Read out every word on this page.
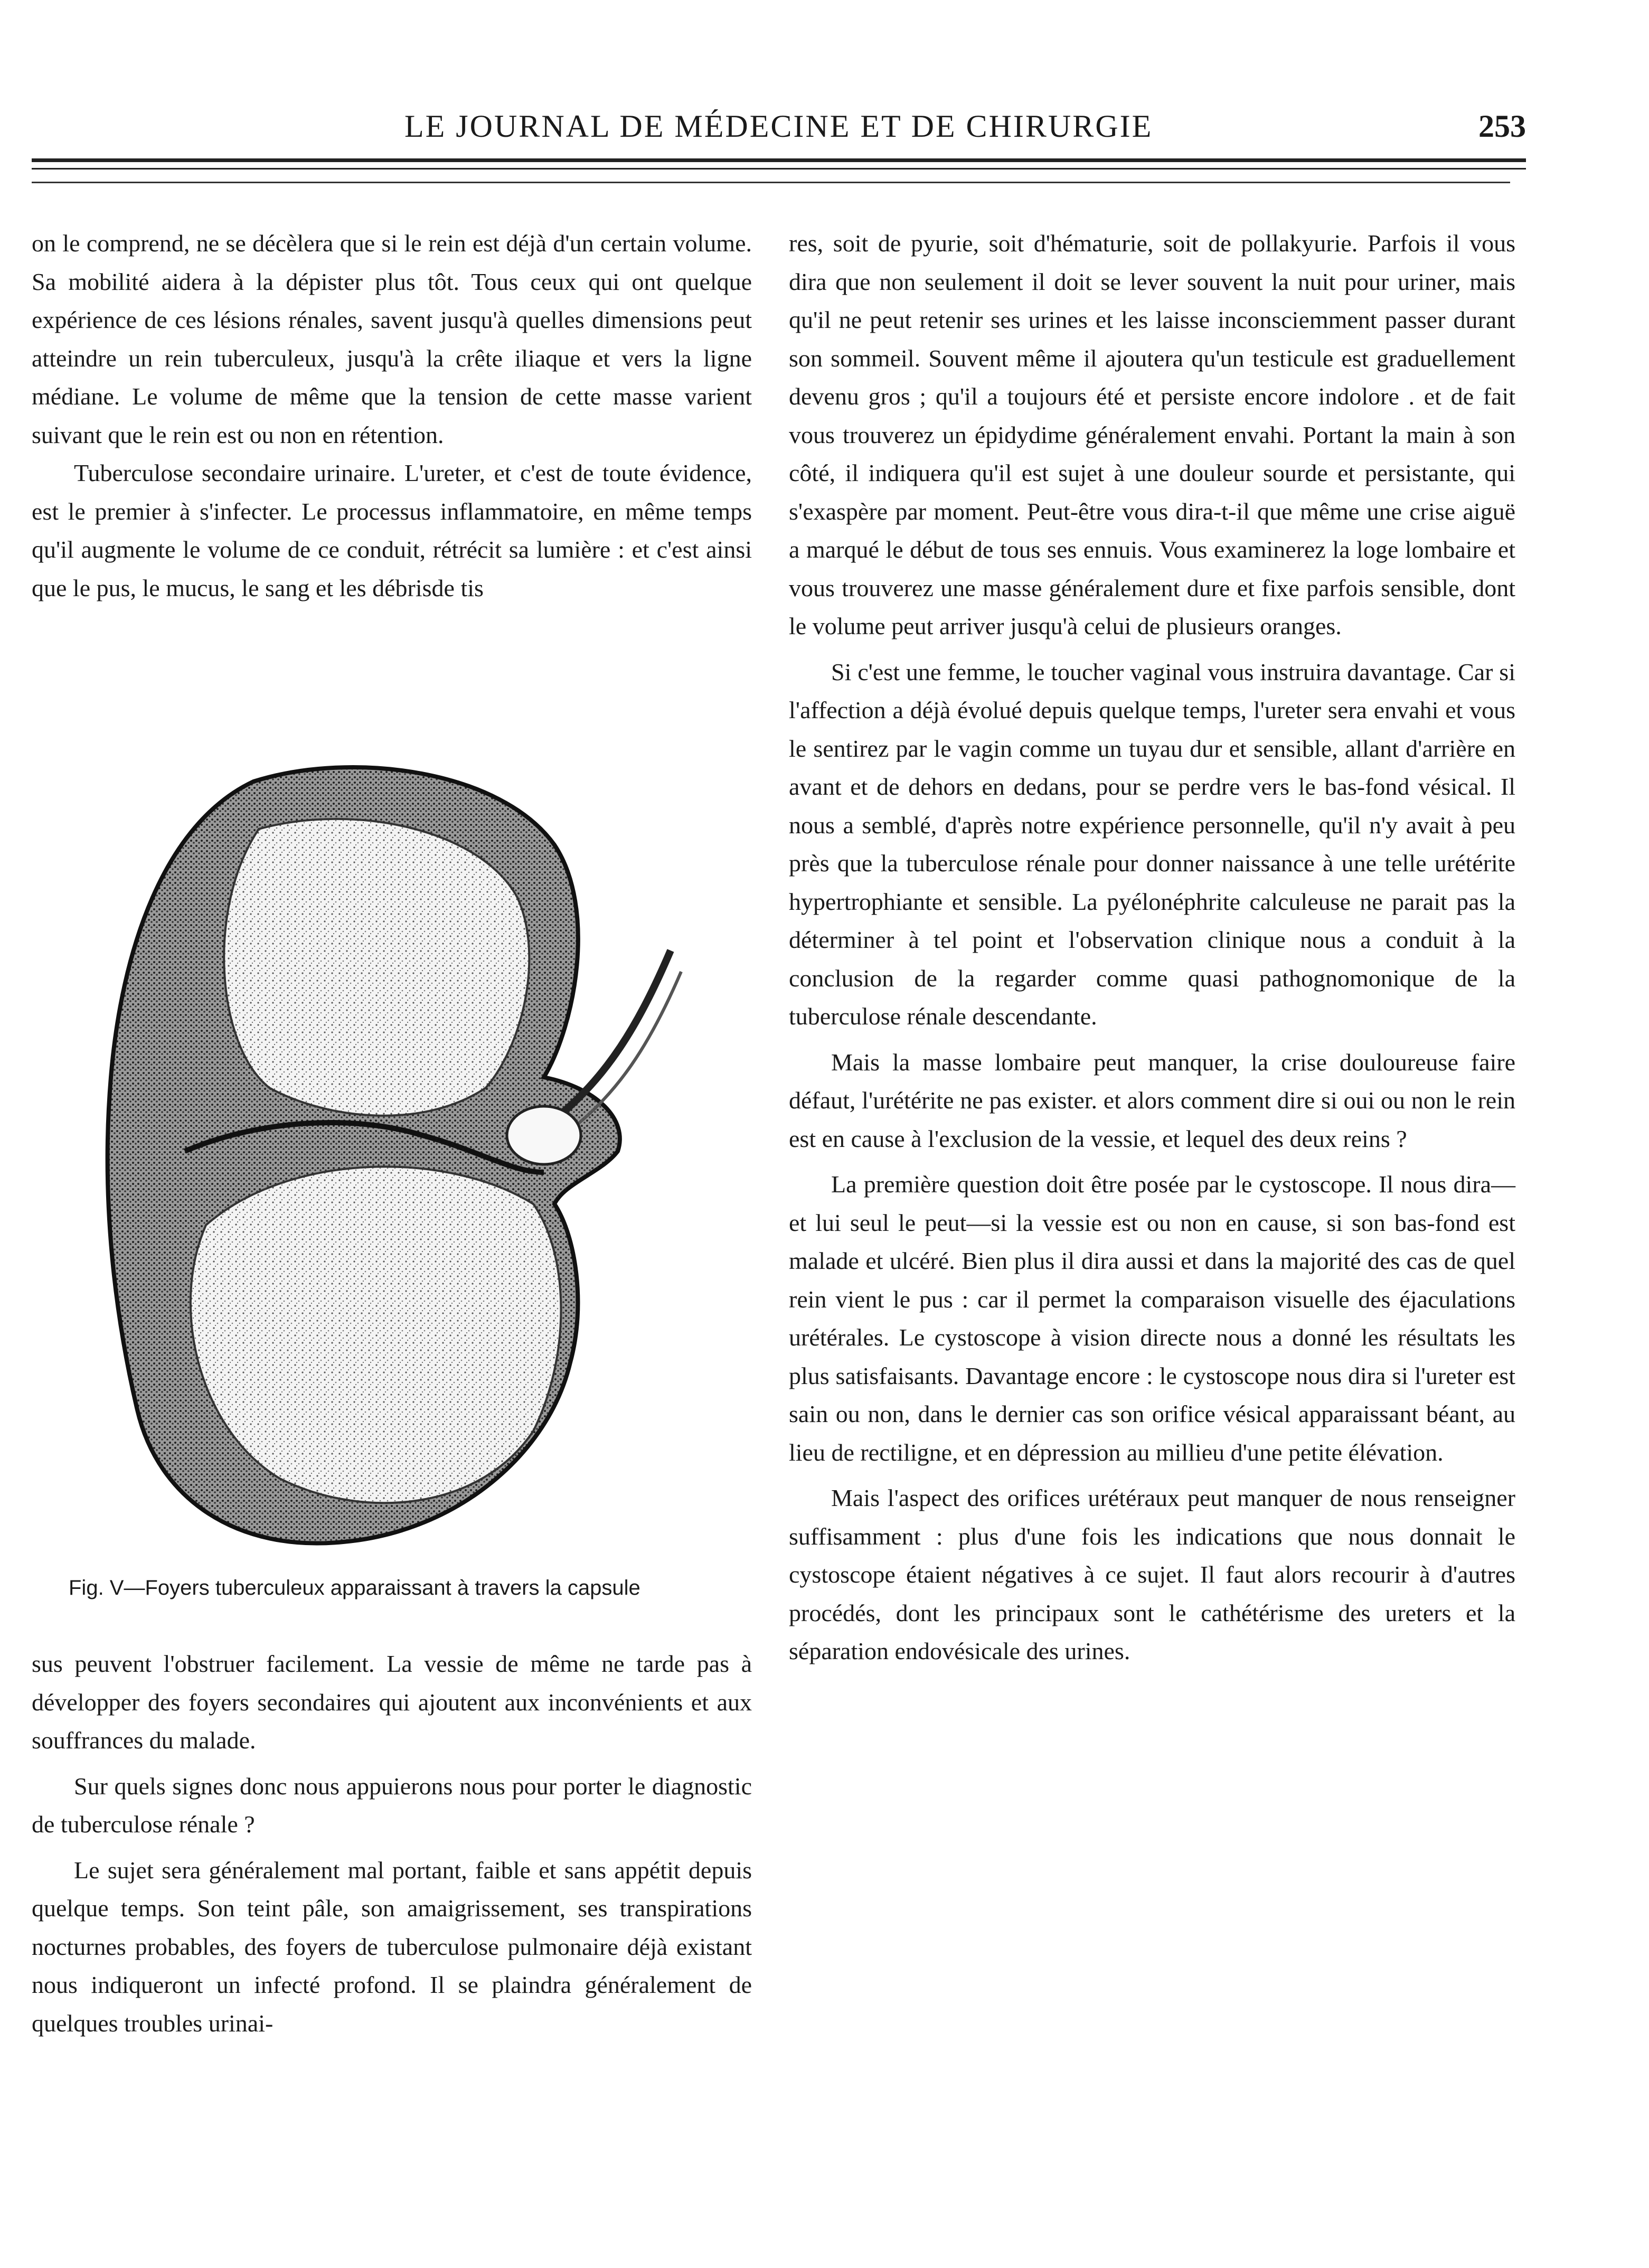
LE JOURNAL DE MÉDECINE ET DE CHIRURGIE	253

on le comprend, ne se décèlera que si le rein est déjà d'un certain volume. Sa mobilité aidera à la dépister plus tôt. Tous ceux qui ont quelque expérience de ces lésions rénales, savent jusqu'à quelles dimensions peut atteindre un rein tuberculeux, jusqu'à la crête iliaque et vers la ligne médiane. Le volume de même que la tension de cette masse varient suivant que le rein est ou non en rétention.

Tuberculose secondaire urinaire. L'ureter, et c'est de toute évidence, est le premier à s'infecter. Le processus inflammatoire, en même temps qu'il augmente le volume de ce conduit, rétrécit sa lumière : et c'est ainsi que le pus, le mucus, le sang et les débrisde tis

Fig. V—Foyers tuberculeux apparaissant à travers la capsule

sus peuvent l'obstruer facilement. La vessie de même ne tarde pas à développer des foyers secondaires qui ajoutent aux inconvénients et aux souffrances du malade.

Sur quels signes donc nous appuierons nous pour porter le diagnostic de tuberculose rénale ?

Le sujet sera généralement mal portant, faible et sans appétit depuis quelque temps. Son teint pâle, son amaigrissement, ses transpirations nocturnes probables, des foyers de tuberculose pulmonaire déjà existant nous indiqueront un infecté profond. Il se plaindra généralement de quelques troubles urinai-

res, soit de pyurie, soit d'hématurie, soit de pollakyurie. Parfois il vous dira que non seulement il doit se lever souvent la nuit pour uriner, mais qu'il ne peut retenir ses urines et les laisse inconsciemment passer durant son sommeil. Souvent même il ajoutera qu'un testicule est graduellement devenu gros ; qu'il a toujours été et persiste encore indolore . et de fait vous trouverez un épidydime généralement envahi. Portant la main à son côté, il indiquera qu'il est sujet à une douleur sourde et persistante, qui s'exaspère par moment. Peut-être vous dira-t-il que même une crise aiguë a marqué le début de tous ses ennuis. Vous examinerez la loge lombaire et vous trouverez une masse généralement dure et fixe parfois sensible, dont le volume peut arriver jusqu'à celui de plusieurs oranges.

Si c'est une femme, le toucher vaginal vous instruira davantage. Car si l'affection a déjà évolué depuis quelque temps, l'ureter sera envahi et vous le sentirez par le vagin comme un tuyau dur et sensible, allant d'arrière en avant et de dehors en dedans, pour se perdre vers le bas-fond vésical. Il nous a semblé, d'après notre expérience personnelle, qu'il n'y avait à peu près que la tuberculose rénale pour donner naissance à une telle urétérite hypertrophiante et sensible. La pyélonéphrite calculeuse ne parait pas la déterminer à tel point et l'observation clinique nous a conduit à la conclusion de la regarder comme quasi pathognomonique de la tuberculose rénale descendante.

Mais la masse lombaire peut manquer, la crise douloureuse faire défaut, l'urétérite ne pas exister. et alors comment dire si oui ou non le rein est en cause à l'exclusion de la vessie, et lequel des deux reins ?

La première question doit être posée par le cystoscope. Il nous dira—et lui seul le peut—si la vessie est ou non en cause, si son bas-fond est malade et ulcéré. Bien plus il dira aussi et dans la majorité des cas de quel rein vient le pus : car il permet la comparaison visuelle des éjaculations urétérales. Le cystoscope à vision directe nous a donné les résultats les plus satisfaisants. Davantage encore : le cystoscope nous dira si l'ureter est sain ou non, dans le dernier cas son orifice vésical apparaissant béant, au lieu de rectiligne, et en dépression au millieu d'une petite élévation.

Mais l'aspect des orifices urétéraux peut manquer de nous renseigner suffisamment : plus d'une fois les indications que nous donnait le cystoscope étaient négatives à ce sujet. Il faut alors recourir à d'autres procédés, dont les principaux sont le cathétérisme des ureters et la séparation endovésicale des urines.
